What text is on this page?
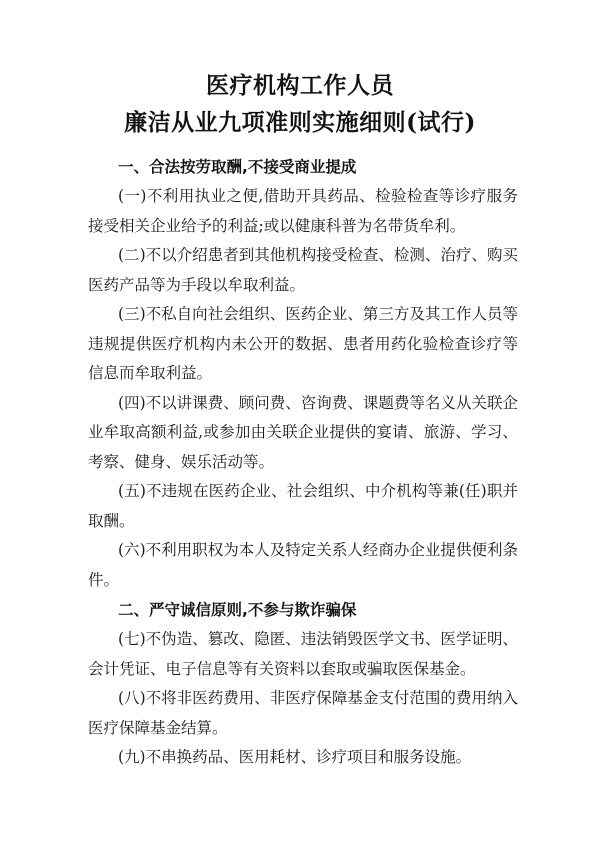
医疗机构工作人员
廉洁从业九项准则实施细则(试行)

一、合法按劳取酬,不接受商业提成

(一)不利用执业之便,借助开具药品、检验检查等诊疗服务接受相关企业给予的利益;或以健康科普为名带货牟利。

(二)不以介绍患者到其他机构接受检查、检测、治疗、购买医药产品等为手段以牟取利益。

(三)不私自向社会组织、医药企业、第三方及其工作人员等违规提供医疗机构内未公开的数据、患者用药化验检查诊疗等信息而牟取利益。

(四)不以讲课费、顾问费、咨询费、课题费等名义从关联企业牟取高额利益,或参加由关联企业提供的宴请、旅游、学习、考察、健身、娱乐活动等。

(五)不违规在医药企业、社会组织、中介机构等兼(任)职并取酬。

(六)不利用职权为本人及特定关系人经商办企业提供便利条件。

二、严守诚信原则,不参与欺诈骗保

(七)不伪造、篡改、隐匿、违法销毁医学文书、医学证明、会计凭证、电子信息等有关资料以套取或骗取医保基金。

(八)不将非医药费用、非医疗保障基金支付范围的费用纳入医疗保障基金结算。

(九)不串换药品、医用耗材、诊疗项目和服务设施。
